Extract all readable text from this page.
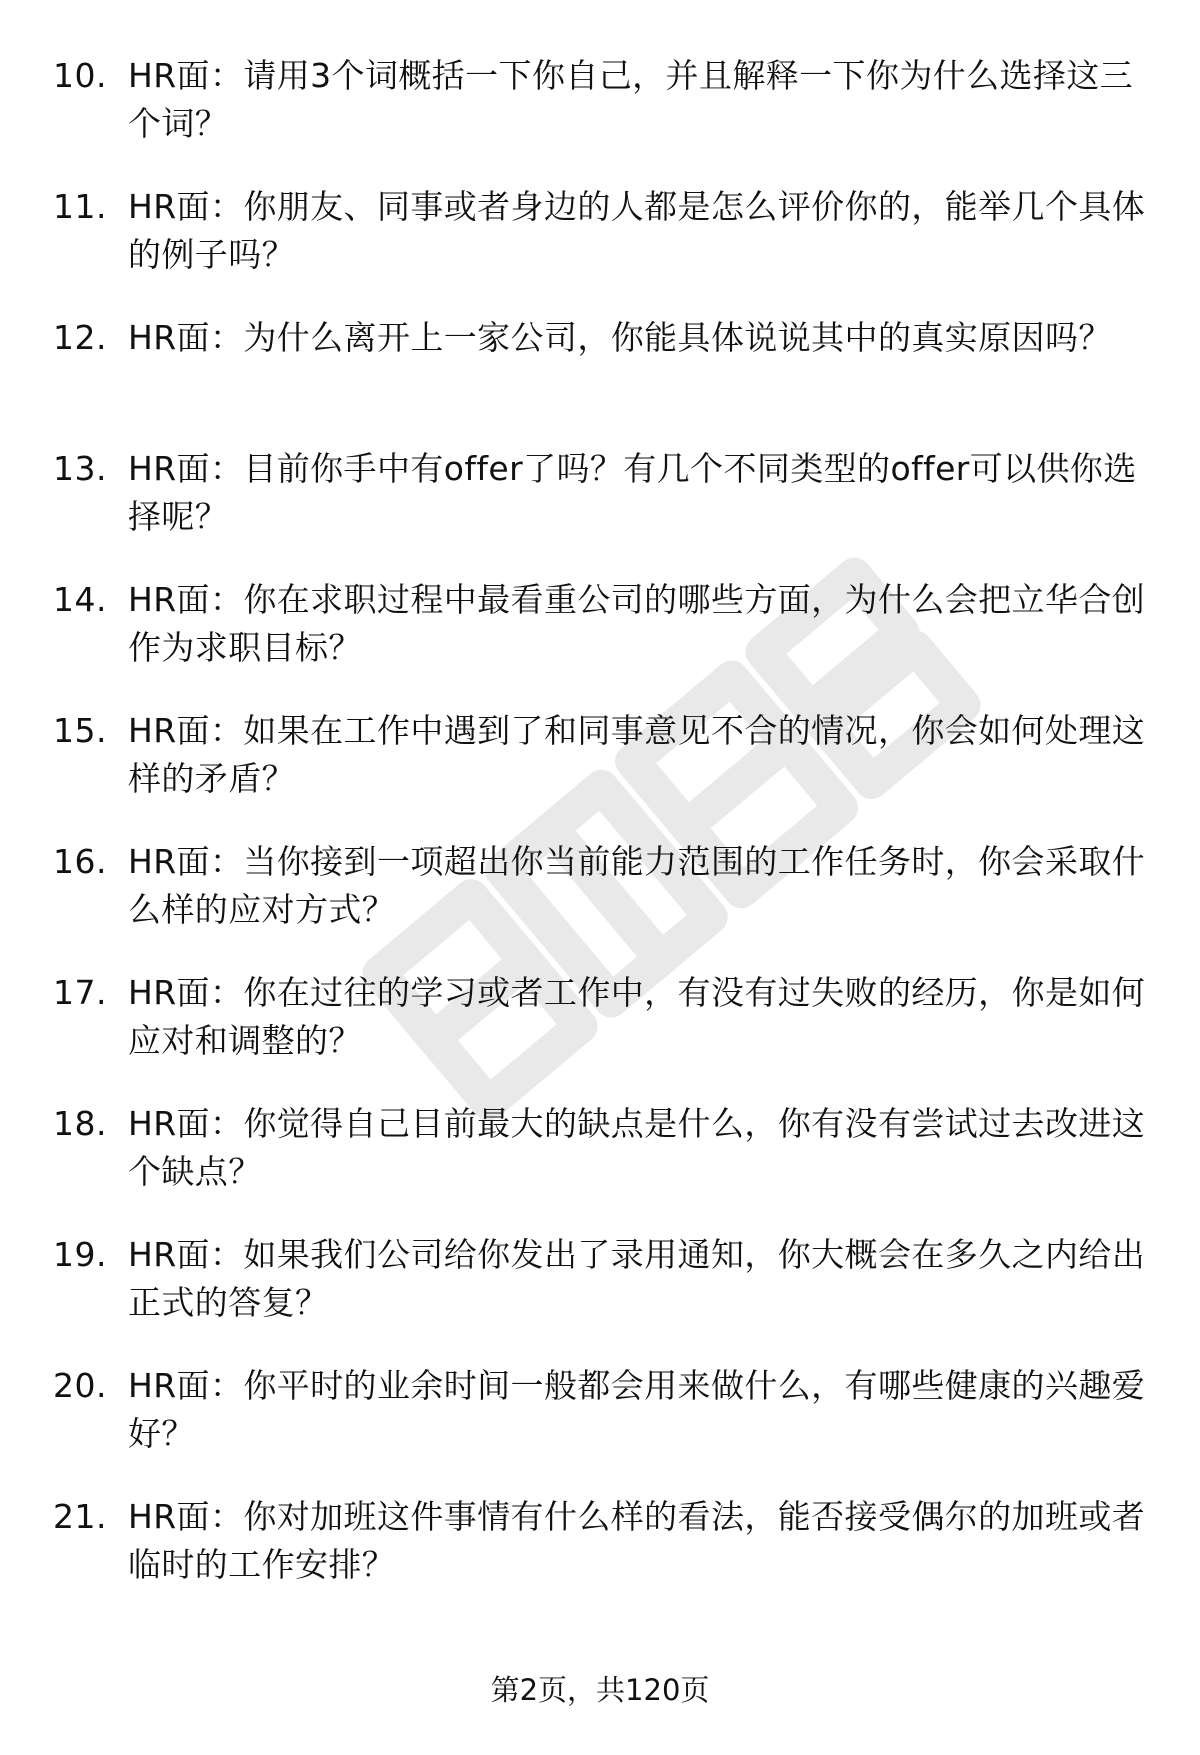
10. HR面：请用3个词概括一下你自己，并且解释一下你为什么选择这三个词？
11. HR面：你朋友、同事或者身边的人都是怎么评价你的，能举几个具体的例子吗？
12. HR面：为什么离开上一家公司，你能具体说说其中的真实原因吗？
13. HR面：目前你手中有offer了吗？有几个不同类型的offer可以供你选择呢？
14. HR面：你在求职过程中最看重公司的哪些方面，为什么会把立华合创作为求职目标？
15. HR面：如果在工作中遇到了和同事意见不合的情况，你会如何处理这样的矛盾？
16. HR面：当你接到一项超出你当前能力范围的工作任务时，你会采取什么样的应对方式？
17. HR面：你在过往的学习或者工作中，有没有过失败的经历，你是如何应对和调整的？
18. HR面：你觉得自己目前最大的缺点是什么，你有没有尝试过去改进这个缺点？
19. HR面：如果我们公司给你发出了录用通知，你大概会在多久之内给出正式的答复？
20. HR面：你平时的业余时间一般都会用来做什么，有哪些健康的兴趣爱好？
21. HR面：你对加班这件事情有什么样的看法，能否接受偶尔的加班或者临时的工作安排？
第2页，共120页
